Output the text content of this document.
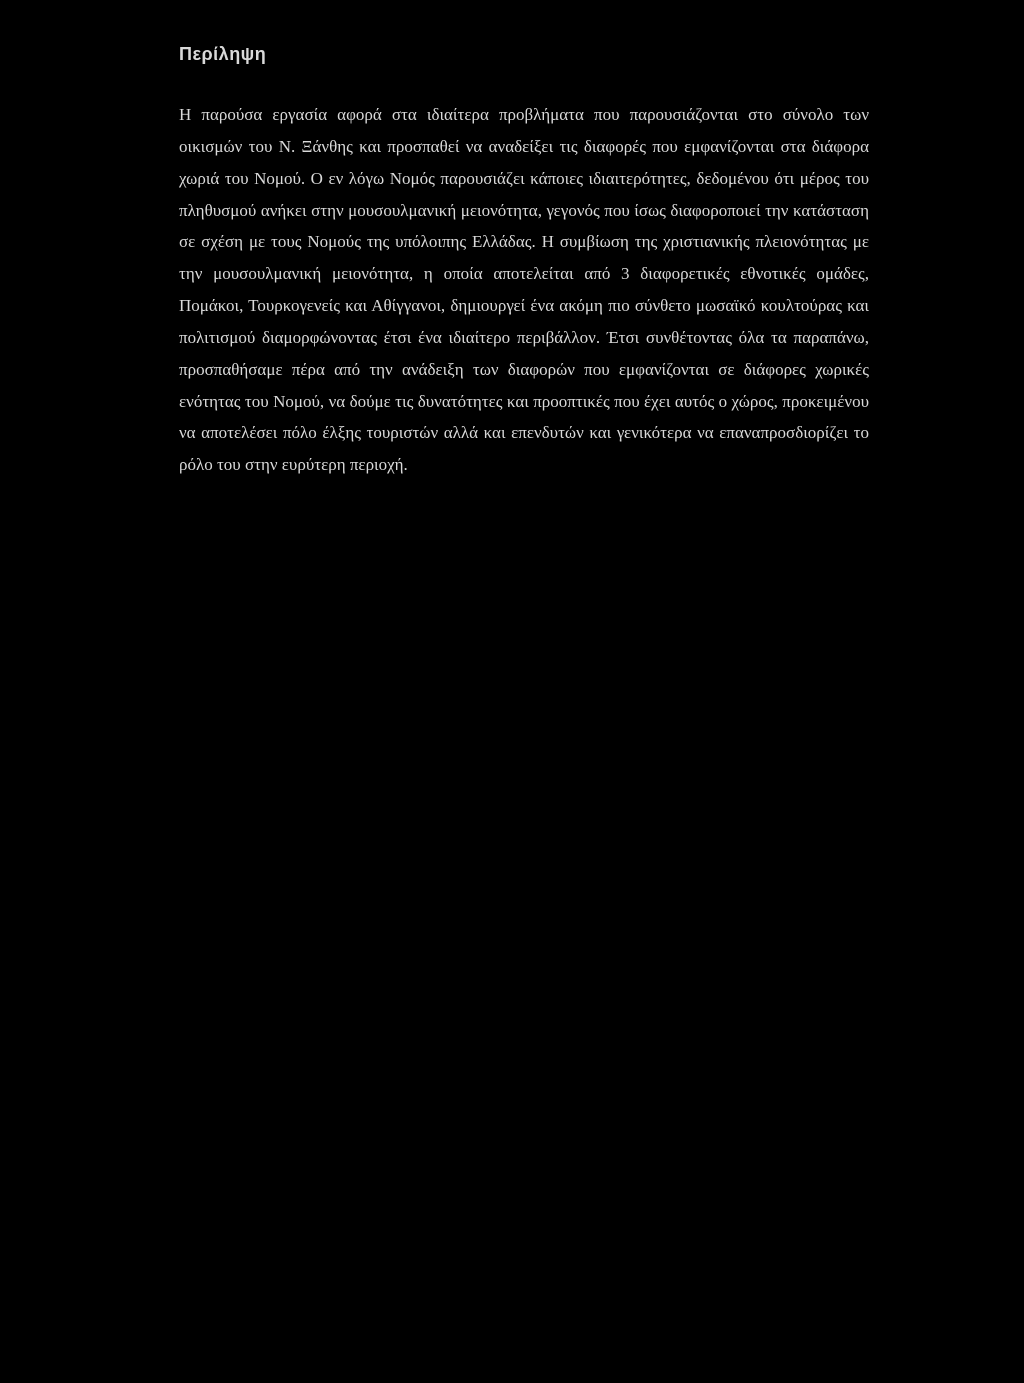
Περίληψη

Η παρούσα εργασία αφορά στα ιδιαίτερα προβλήματα που παρουσιάζονται στο σύνολο των οικισμών του Ν. Ξάνθης και προσπαθεί να αναδείξει τις διαφορές που εμφανίζονται στα διάφορα χωριά του Νομού. Ο εν λόγω Νομός παρουσιάζει κάποιες ιδιαιτερότητες, δεδομένου ότι μέρος του πληθυσμού ανήκει στην μουσουλμανική μειονότητα, γεγονός που ίσως διαφοροποιεί την κατάσταση σε σχέση με τους Νομούς της υπόλοιπης Ελλάδας. Η συμβίωση της χριστιανικής πλειονότητας με την μουσουλμανική μειονότητα, η οποία αποτελείται από 3 διαφορετικές εθνοτικές ομάδες, Πομάκοι, Τουρκογενείς και Αθίγγανοι, δημιουργεί ένα ακόμη πιο σύνθετο μωσαϊκό κουλτούρας και πολιτισμού διαμορφώνοντας έτσι ένα ιδιαίτερο περιβάλλον. Έτσι συνθέτοντας όλα τα παραπάνω, προσπαθήσαμε πέρα από την ανάδειξη των διαφορών που εμφανίζονται σε διάφορες χωρικές ενότητας του Νομού, να δούμε τις δυνατότητες και προοπτικές που έχει αυτός ο χώρος, προκειμένου να αποτελέσει πόλο έλξης τουριστών αλλά και επενδυτών και γενικότερα να επαναπροσδιορίζει το ρόλο του στην ευρύτερη περιοχή.
